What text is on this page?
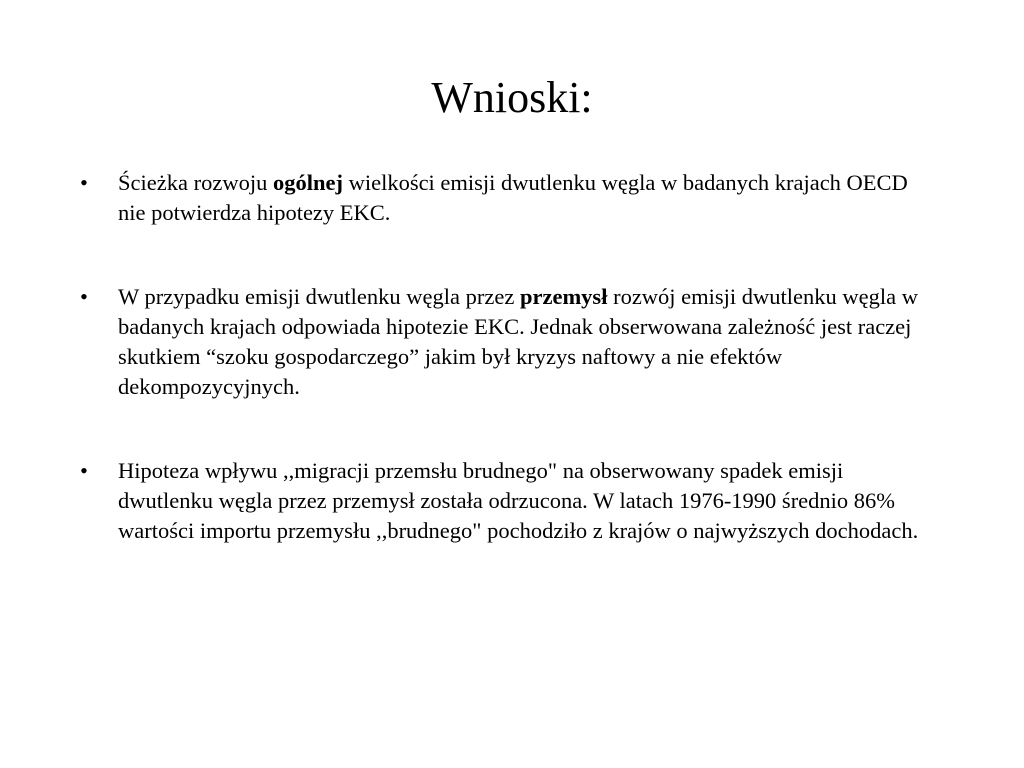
Wnioski:
•	Ścieżka rozwoju ogólnej wielkości emisji dwutlenku węgla w badanych krajach OECD nie potwierdza hipotezy EKC.
•	W przypadku emisji dwutlenku węgla przez przemysł rozwój emisji dwutlenku węgla w badanych krajach odpowiada hipotezie EKC. Jednak obserwowana zależność jest raczej skutkiem “szoku gospodarczego” jakim był kryzys naftowy a nie efektów dekompozycyjnych.
•	Hipoteza wpływu ,,migracji przemsłu brudnego" na obserwowany spadek emisji dwutlenku węgla przez przemysł została odrzucona. W latach 1976-1990 średnio 86% wartości importu przemysłu ,,brudnego" pochodziło z krajów o najwyższych dochodach.
